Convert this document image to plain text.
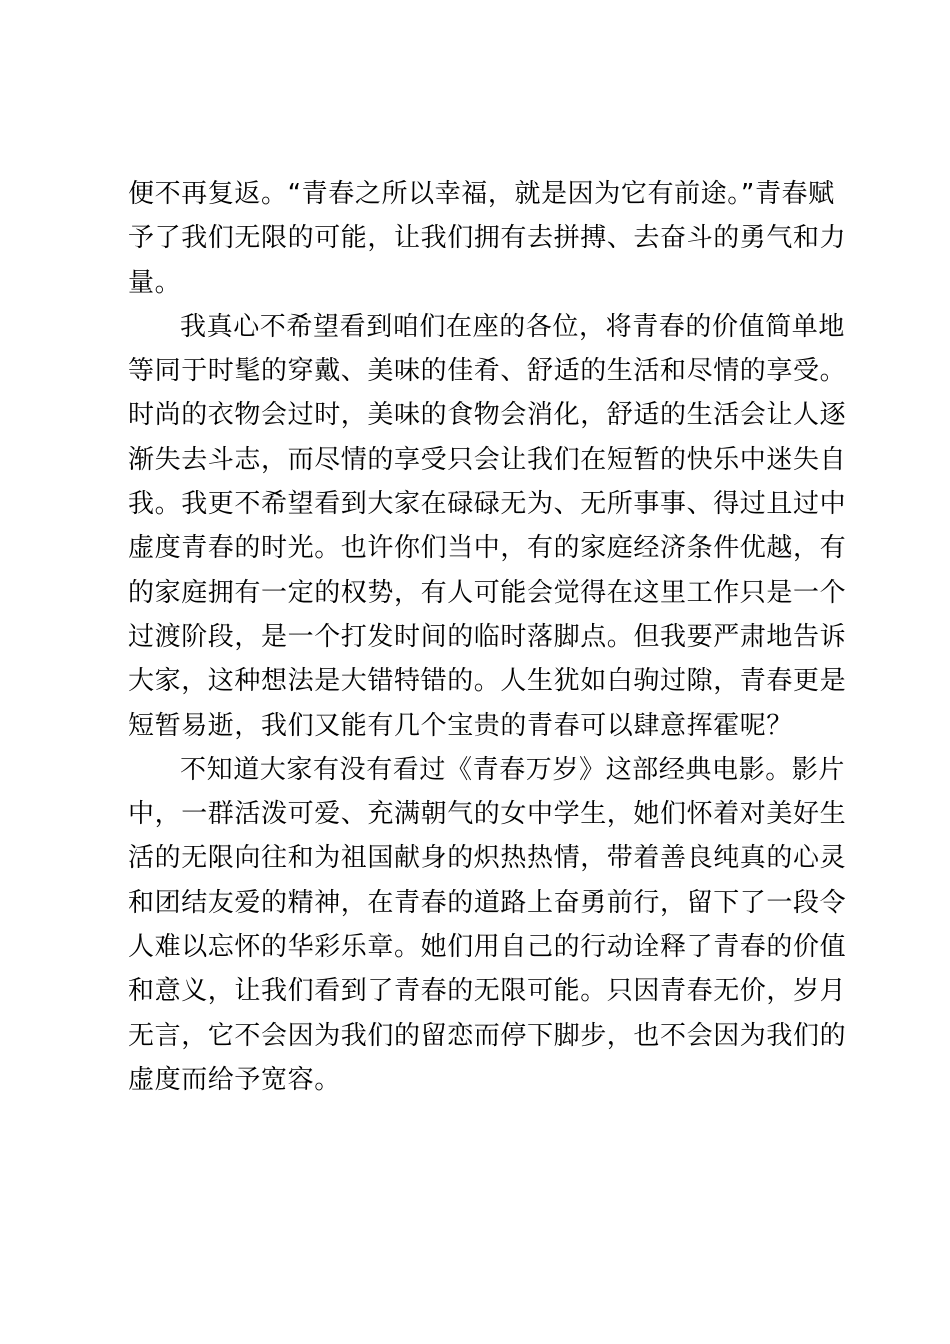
便不再复返。“青春之所以幸福，就是因为它有前途。”青春赋
予了我们无限的可能，让我们拥有去拼搏、去奋斗的勇气和力
量。
我真心不希望看到咱们在座的各位，将青春的价值简单地
等同于时髦的穿戴、美味的佳肴、舒适的生活和尽情的享受。
时尚的衣物会过时，美味的食物会消化，舒适的生活会让人逐
渐失去斗志，而尽情的享受只会让我们在短暂的快乐中迷失自
我。我更不希望看到大家在碌碌无为、无所事事、得过且过中
虚度青春的时光。也许你们当中，有的家庭经济条件优越，有
的家庭拥有一定的权势，有人可能会觉得在这里工作只是一个
过渡阶段，是一个打发时间的临时落脚点。但我要严肃地告诉
大家，这种想法是大错特错的。人生犹如白驹过隙，青春更是
短暂易逝，我们又能有几个宝贵的青春可以肆意挥霍呢？
不知道大家有没有看过《青春万岁》这部经典电影。影片
中，一群活泼可爱、充满朝气的女中学生，她们怀着对美好生
活的无限向往和为祖国献身的炽热热情，带着善良纯真的心灵
和团结友爱的精神，在青春的道路上奋勇前行，留下了一段令
人难以忘怀的华彩乐章。她们用自己的行动诠释了青春的价值
和意义，让我们看到了青春的无限可能。只因青春无价，岁月
无言，它不会因为我们的留恋而停下脚步，也不会因为我们的
虚度而给予宽容。
